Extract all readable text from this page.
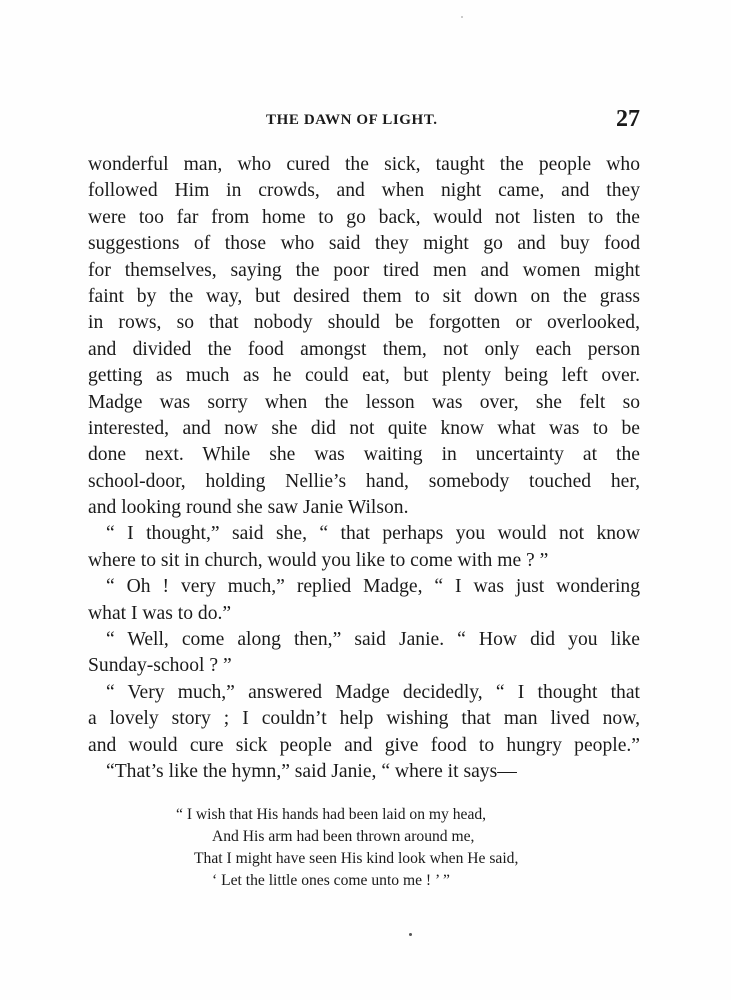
THE DAWN OF LIGHT.	27
wonderful man, who cured the sick, taught the people who
followed Him in crowds, and when night came, and they
were too far from home to go back, would not listen to the
suggestions of those who said they might go and buy food
for themselves, saying the poor tired men and women might
faint by the way, but desired them to sit down on the grass
in rows, so that nobody should be forgotten or overlooked,
and divided the food amongst them, not only each person
getting as much as he could eat, but plenty being left over.
Madge was sorry when the lesson was over, she felt so
interested, and now she did not quite know what was to be
done next. While she was waiting in uncertainty at the
school-door, holding Nellie’s hand, somebody touched her,
and looking round she saw Janie Wilson.
“ I thought,” said she, “ that perhaps you would not know
where to sit in church, would you like to come with me ? ”
“ Oh ! very much,” replied Madge, “ I was just wondering
what I was to do.”
“ Well, come along then,” said Janie. “ How did you like
Sunday-school ? ”
“ Very much,” answered Madge decidedly, “ I thought that
a lovely story ; I couldn’t help wishing that man lived now,
and would cure sick people and give food to hungry people.”
“That’s like the hymn,” said Janie, “ where it says—
“ I wish that His hands had been laid on my head,
And His arm had been thrown around me,
That I might have seen His kind look when He said,
‘ Let the little ones come unto me ! ’ ”
